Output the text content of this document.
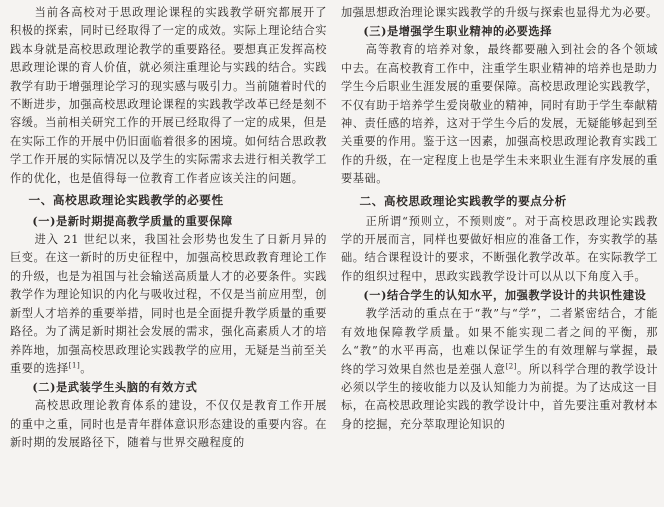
当前各高校对于思政理论课程的实践教学研究都展开了积极的探索，同时已经取得了一定的成效。实际上理论结合实践本身就是高校思政理论教学的重要路径。要想真正发挥高校思政理论课的育人价值，就必须注重理论与实践的结合。实践教学有助于增强理论学习的现实感与吸引力。当前随着时代的不断进步，加强高校思政理论课程的实践教学改革已经是刻不容缓。当前相关研究工作的开展已经取得了一定的成果，但是在实际工作的开展中仍旧面临着很多的困境。如何结合思政教学工作开展的实际情况以及学生的实际需求去进行相关教学工作的优化，也是值得每一位教育工作者应该关注的问题。

一、高校思政理论实践教学的必要性
(一)是新时期提高教学质量的重要保障

进入 21 世纪以来，我国社会形势也发生了日新月异的巨变。在这一新时的历史征程中，加强高校思政教育理论工作的升级，也是为祖国与社会输送高质量人才的必要条件。实践教学作为理论知识的内化与吸收过程，不仅是当前应用型，创新型人才培养的重要举措，同时也是全面提升教学质量的重要路径。为了满足新时期社会发展的需求，强化高素质人才的培养阵地，加强高校思政理论实践教学的应用，无疑是当前至关重要的选择[1]。

(二)是武装学生头脑的有效方式

高校思政理论教育体系的建设，不仅仅是教育工作开展的重中之重，同时也是青年群体意识形态建设的重要内容。在新时期的发展路径下，随着与世界交融程度的

加强思想政治理论课实践教学的升级与探索也显得尤为必要。

(三)是增强学生职业精神的必要选择

高等教育的培养对象，最终都要融入到社会的各个领域中去。在高校教育工作中，注重学生职业精神的培养也是助力学生今后职业生涯发展的重要保障。高校思政理论实践教学，不仅有助于培养学生爱岗敬业的精神，同时有助于学生奉献精神、责任感的培养，这对于学生今后的发展，无疑能够起到至关重要的作用。鉴于这一因素，加强高校思政理论教育实践工作的升级，在一定程度上也是学生未来职业生涯有序发展的重要基础。

二、高校思政理论实践教学的要点分析

正所谓“预则立，不预则废”。对于高校思政理论实践教学的开展而言，同样也要做好相应的准备工作，夯实教学的基础。结合课程设计的要求，不断强化教学改革。在实际教学工作的组织过程中，思政实践教学设计可以从以下角度入手。

(一)结合学生的认知水平，加强教学设计的共识性建设

教学活动的重点在于“教”与“学”，二者紧密结合，才能有效地保障教学质量。如果不能实现二者之间的平衡，那么“教”的水平再高，也难以保证学生的有效理解与掌握，最终的学习效果自然也是差强人意[2]。所以科学合理的教学设计必须以学生的接收能力以及认知能力为前提。为了达成这一目标，在高校思政理论实践的教学设计中，首先要注重对教材本身的挖掘，充分萃取理论知识的
